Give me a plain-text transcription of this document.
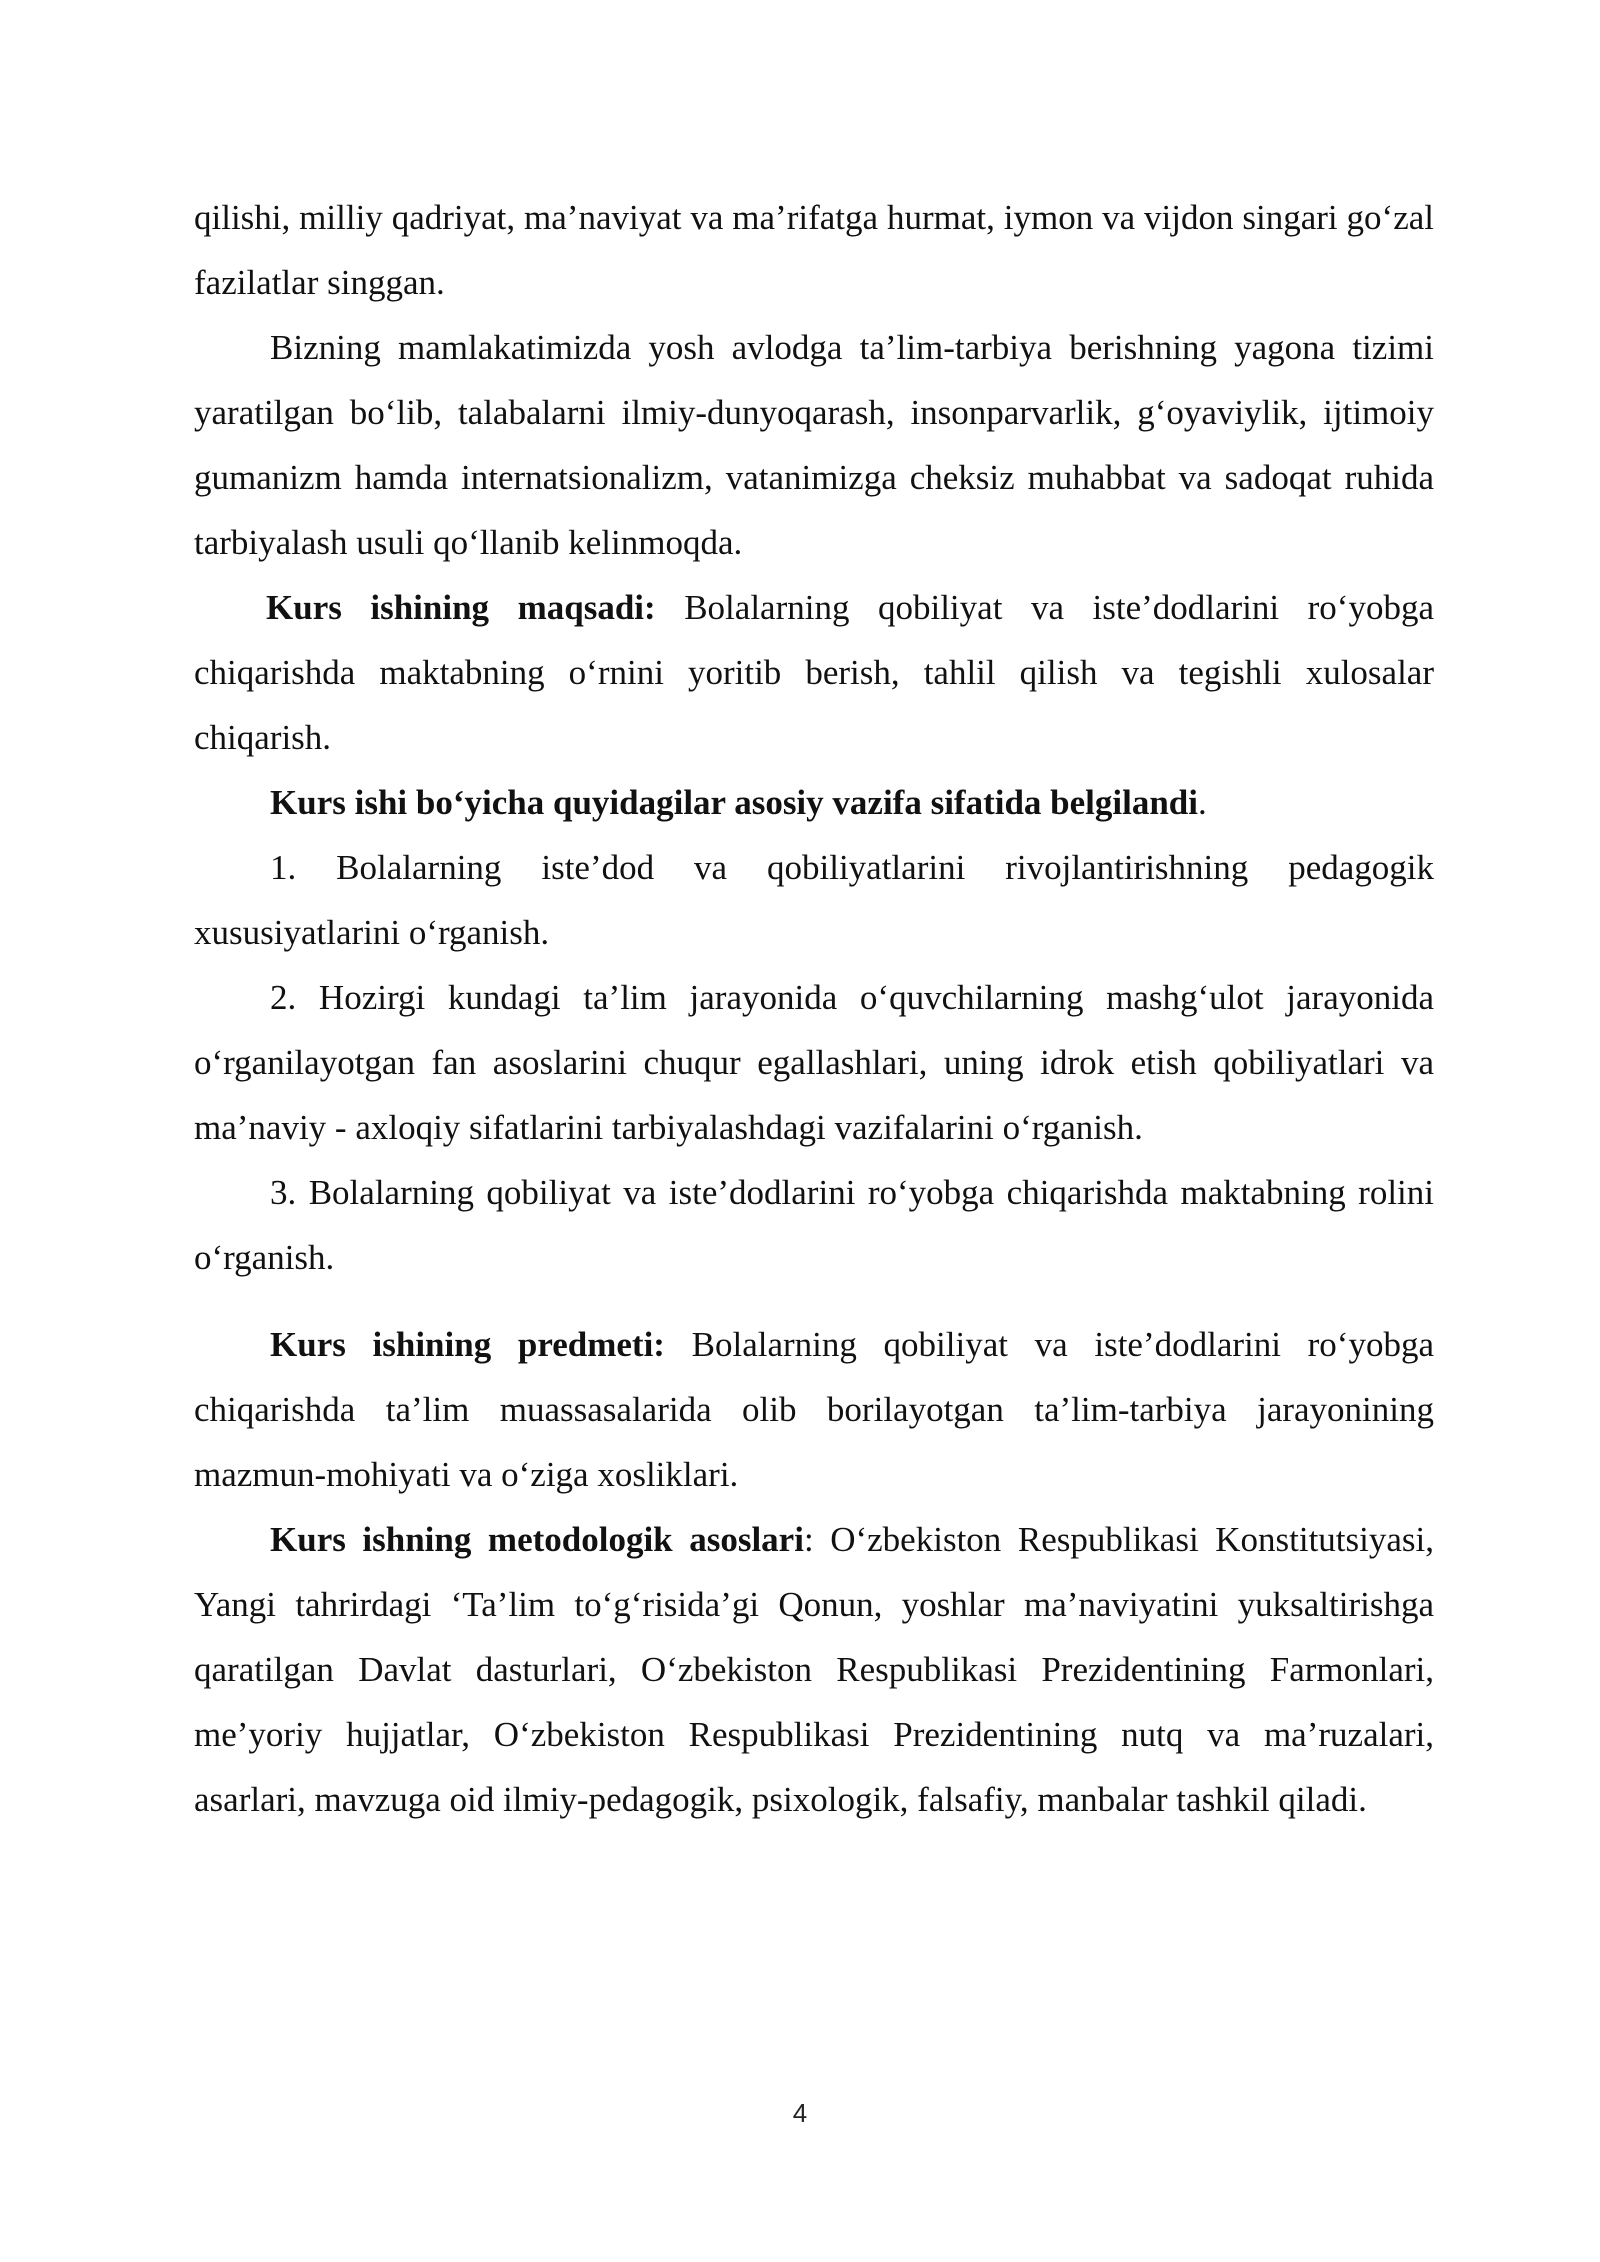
qilishi, milliy qadriyat, ma’naviyat va ma’rifatga hurmat, iymon va vijdon singari go‘zal fazilatlar singgan.

Bizning mamlakatimizda yosh avlodga ta’lim-tarbiya berishning yagona tizimi yaratilgan bo‘lib, talabalarni ilmiy-dunyoqarash, insonparvarlik, g‘oyaviylik, ijtimoiy gumanizm hamda internatsionalizm, vatanimizga cheksiz muhabbat va sadoqat ruhida tarbiyalash usuli qo‘llanib kelinmoqda.

Kurs ishining maqsadi: Bolalarning qobiliyat va iste’dodlarini ro‘yobga chiqarishda maktabning o‘rnini yoritib berish, tahlil qilish va tegishli xulosalar chiqarish.

Kurs ishi bo‘yicha quyidagilar asosiy vazifa sifatida belgilandi.

1. Bolalarning iste’dod va qobiliyatlarini rivojlantirishning pedagogik xususiyatlarini o‘rganish.

2. Hozirgi kundagi ta’lim jarayonida o‘quvchilarning mashg‘ulot jarayonida o‘rganilayotgan fan asoslarini chuqur egallashlari, uning idrok etish qobiliyatlari va ma’naviy - axloqiy sifatlarini tarbiyalashdagi vazifalarini o‘rganish.

3. Bolalarning qobiliyat va iste’dodlarini ro‘yobga chiqarishda maktabning rolini o‘rganish.

Kurs ishining predmeti: Bolalarning qobiliyat va iste’dodlarini ro‘yobga chiqarishda ta’lim muassasalarida olib borilayotgan ta’lim-tarbiya jarayonining mazmun-mohiyati va o‘ziga xosliklari.

Kurs ishning metodologik asoslari: O‘zbekiston Respublikasi Konstitutsiyasi, Yangi tahrirdagi ‘Ta’lim to‘g‘risida’gi Qonun, yoshlar ma’naviyatini yuksaltirishga qaratilgan Davlat dasturlari, O‘zbekiston Respublikasi Prezidentining Farmonlari, me’yoriy hujjatlar, O‘zbekiston Respublikasi Prezidentining nutq va ma’ruzalari, asarlari, mavzuga oid ilmiy-pedagogik, psixologik, falsafiy, manbalar tashkil qiladi.

4
